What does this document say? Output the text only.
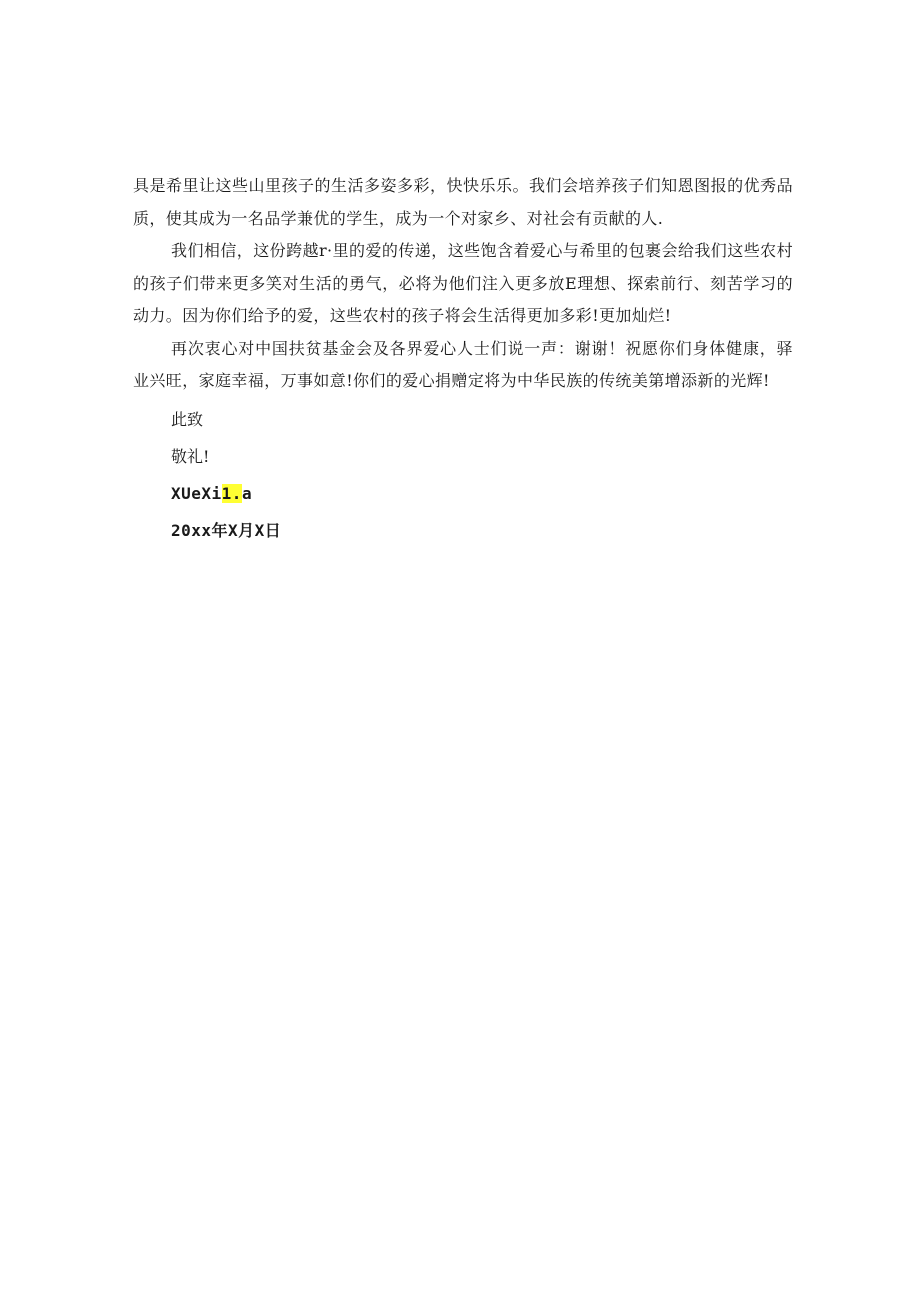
具是希里让这些山里孩子的生活多姿多彩，快快乐乐。我们会培养孩子们知恩图报的优秀品质，使其成为一名品学兼优的学生，成为一个对家乡、对社会有贡献的人.

我们相信，这份跨越r·里的爱的传递，这些饱含着爱心与希里的包裹会给我们这些农村的孩子们带来更多笑对生活的勇气，必将为他们注入更多放E理想、探索前行、刻苦学习的动力。因为你们给予的爱，这些农村的孩子将会生活得更加多彩!更加灿烂!

再次衷心对中国扶贫基金会及各界爱心人士们说一声：谢谢！祝愿你们身体健康，驿业兴旺，家庭幸福，万事如意!你们的爱心捐赠定将为中华民族的传统美第增添新的光辉!

此致

敬礼!

XUeXi1.a

20xx年X月X日
